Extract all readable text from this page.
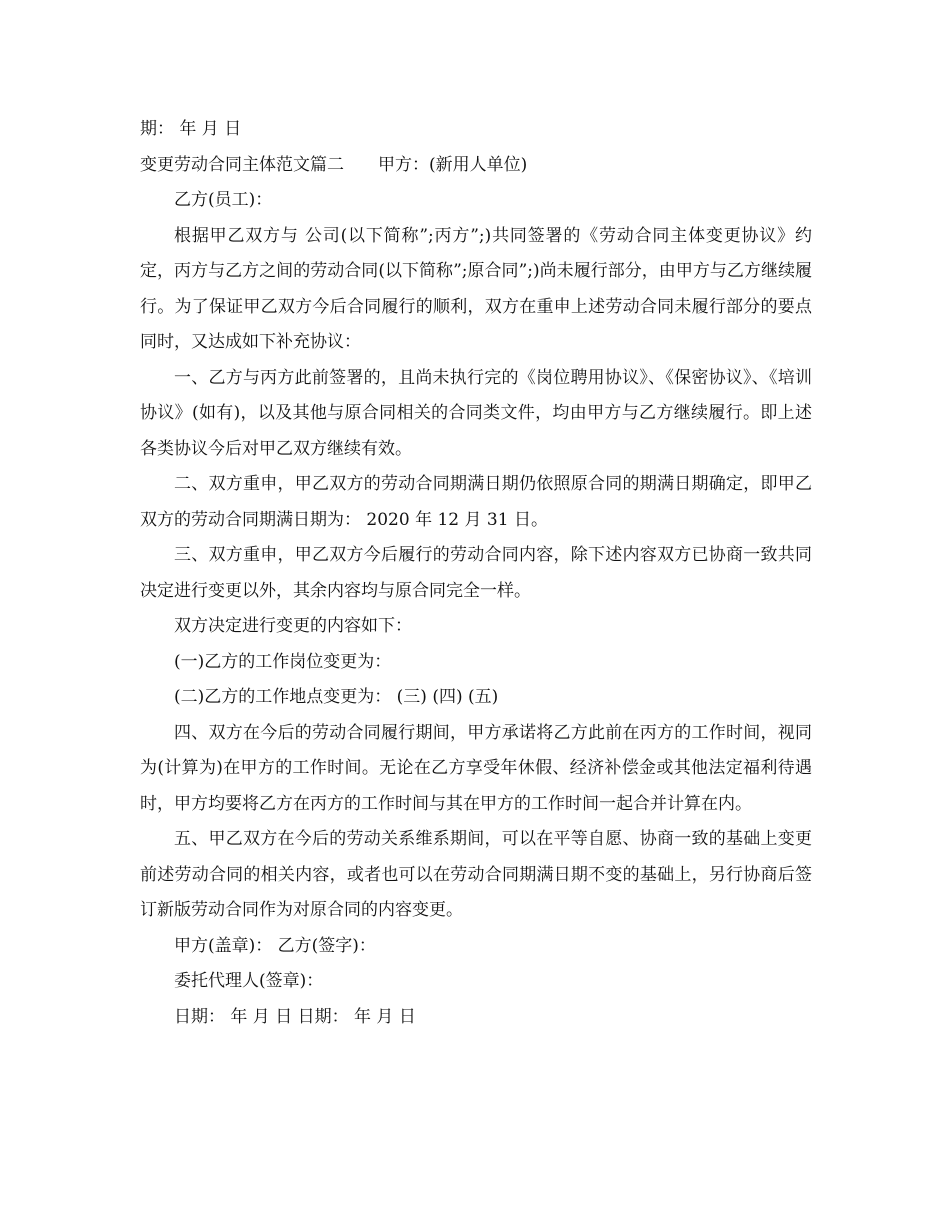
期： 年 月 日

变更劳动合同主体范文篇二　　甲方：(新用人单位)

乙方(员工)：

根据甲乙双方与 公司(以下简称”;丙方”;)共同签署的《劳动合同主体变更协议》约定，丙方与乙方之间的劳动合同(以下简称”;原合同”;)尚未履行部分，由甲方与乙方继续履行。为了保证甲乙双方今后合同履行的顺利，双方在重申上述劳动合同未履行部分的要点同时，又达成如下补充协议：

一、乙方与丙方此前签署的，且尚未执行完的《岗位聘用协议》、《保密协议》、《培训协议》(如有)，以及其他与原合同相关的合同类文件，均由甲方与乙方继续履行。即上述各类协议今后对甲乙双方继续有效。

二、双方重申，甲乙双方的劳动合同期满日期仍依照原合同的期满日期确定，即甲乙双方的劳动合同期满日期为： 2020 年 12 月 31 日。

三、双方重申，甲乙双方今后履行的劳动合同内容，除下述内容双方已协商一致共同决定进行变更以外，其余内容均与原合同完全一样。

双方决定进行变更的内容如下：

(一)乙方的工作岗位变更为：

(二)乙方的工作地点变更为： (三) (四) (五)

四、双方在今后的劳动合同履行期间，甲方承诺将乙方此前在丙方的工作时间，视同为(计算为)在甲方的工作时间。无论在乙方享受年休假、经济补偿金或其他法定福利待遇时，甲方均要将乙方在丙方的工作时间与其在甲方的工作时间一起合并计算在内。

五、甲乙双方在今后的劳动关系维系期间，可以在平等自愿、协商一致的基础上变更前述劳动合同的相关内容，或者也可以在劳动合同期满日期不变的基础上，另行协商后签订新版劳动合同作为对原合同的内容变更。

甲方(盖章)： 乙方(签字)：

委托代理人(签章)：

日期： 年 月 日 日期： 年 月 日
